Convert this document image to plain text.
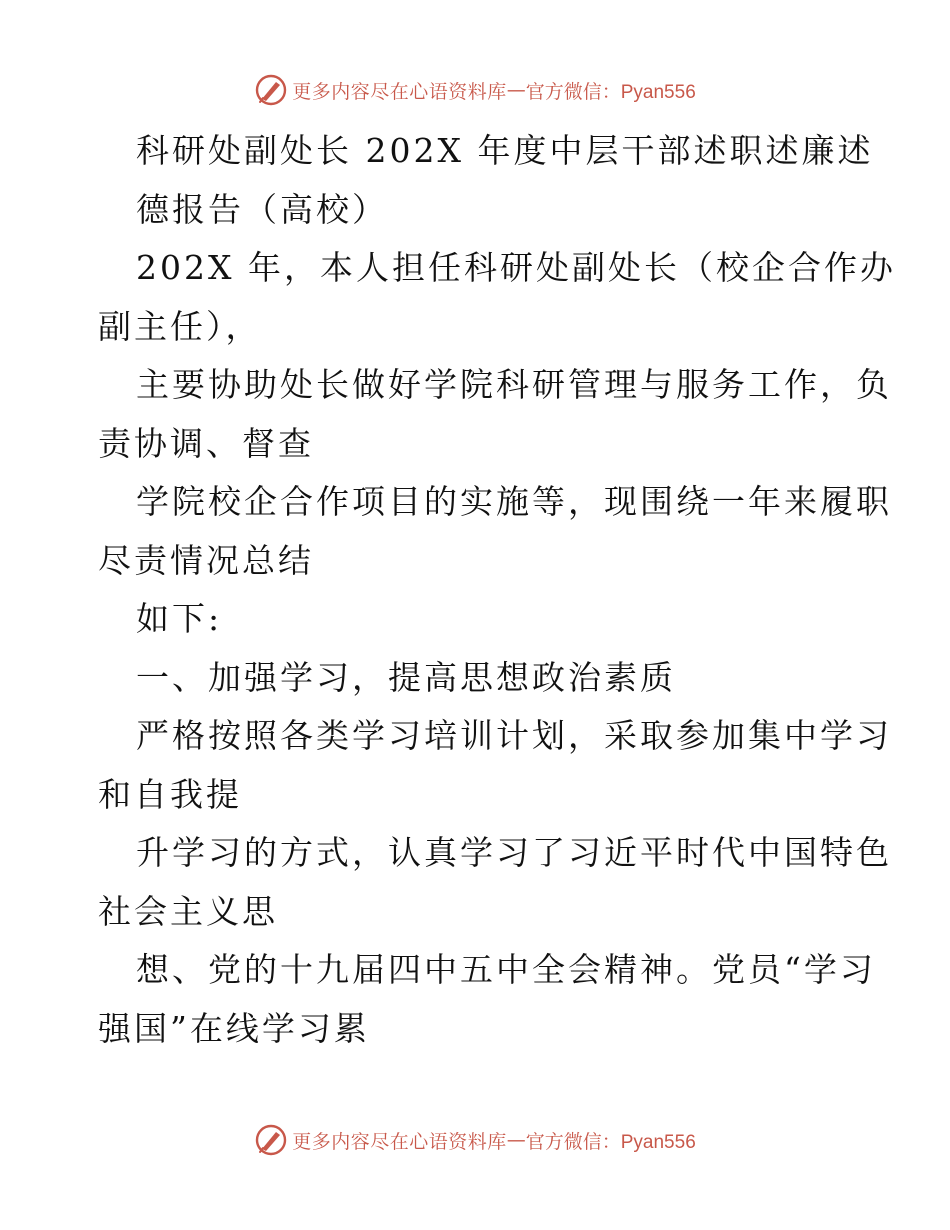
更多内容尽在心语资料库 — 官方微信：Pyan556
科研处副处长 202X 年度中层干部述职述廉述
德报告（高校）
202X 年，本人担任科研处副处长（校企合作办
副主任），
主要协助处长做好学院科研管理与服务工作，负
责协调、督查
学院校企合作项目的实施等，现围绕一年来履职
尽责情况总结
如下:
一、加强学习，提高思想政治素质
严格按照各类学习培训计划，采取参加集中学习
和自我提
升学习的方式，认真学习了习近平时代中国特色
社会主义思
想、党的十九届四中五中全会精神。党员“学习
强国”在线学习累
更多内容尽在心语资料库 — 官方微信：Pyan556
